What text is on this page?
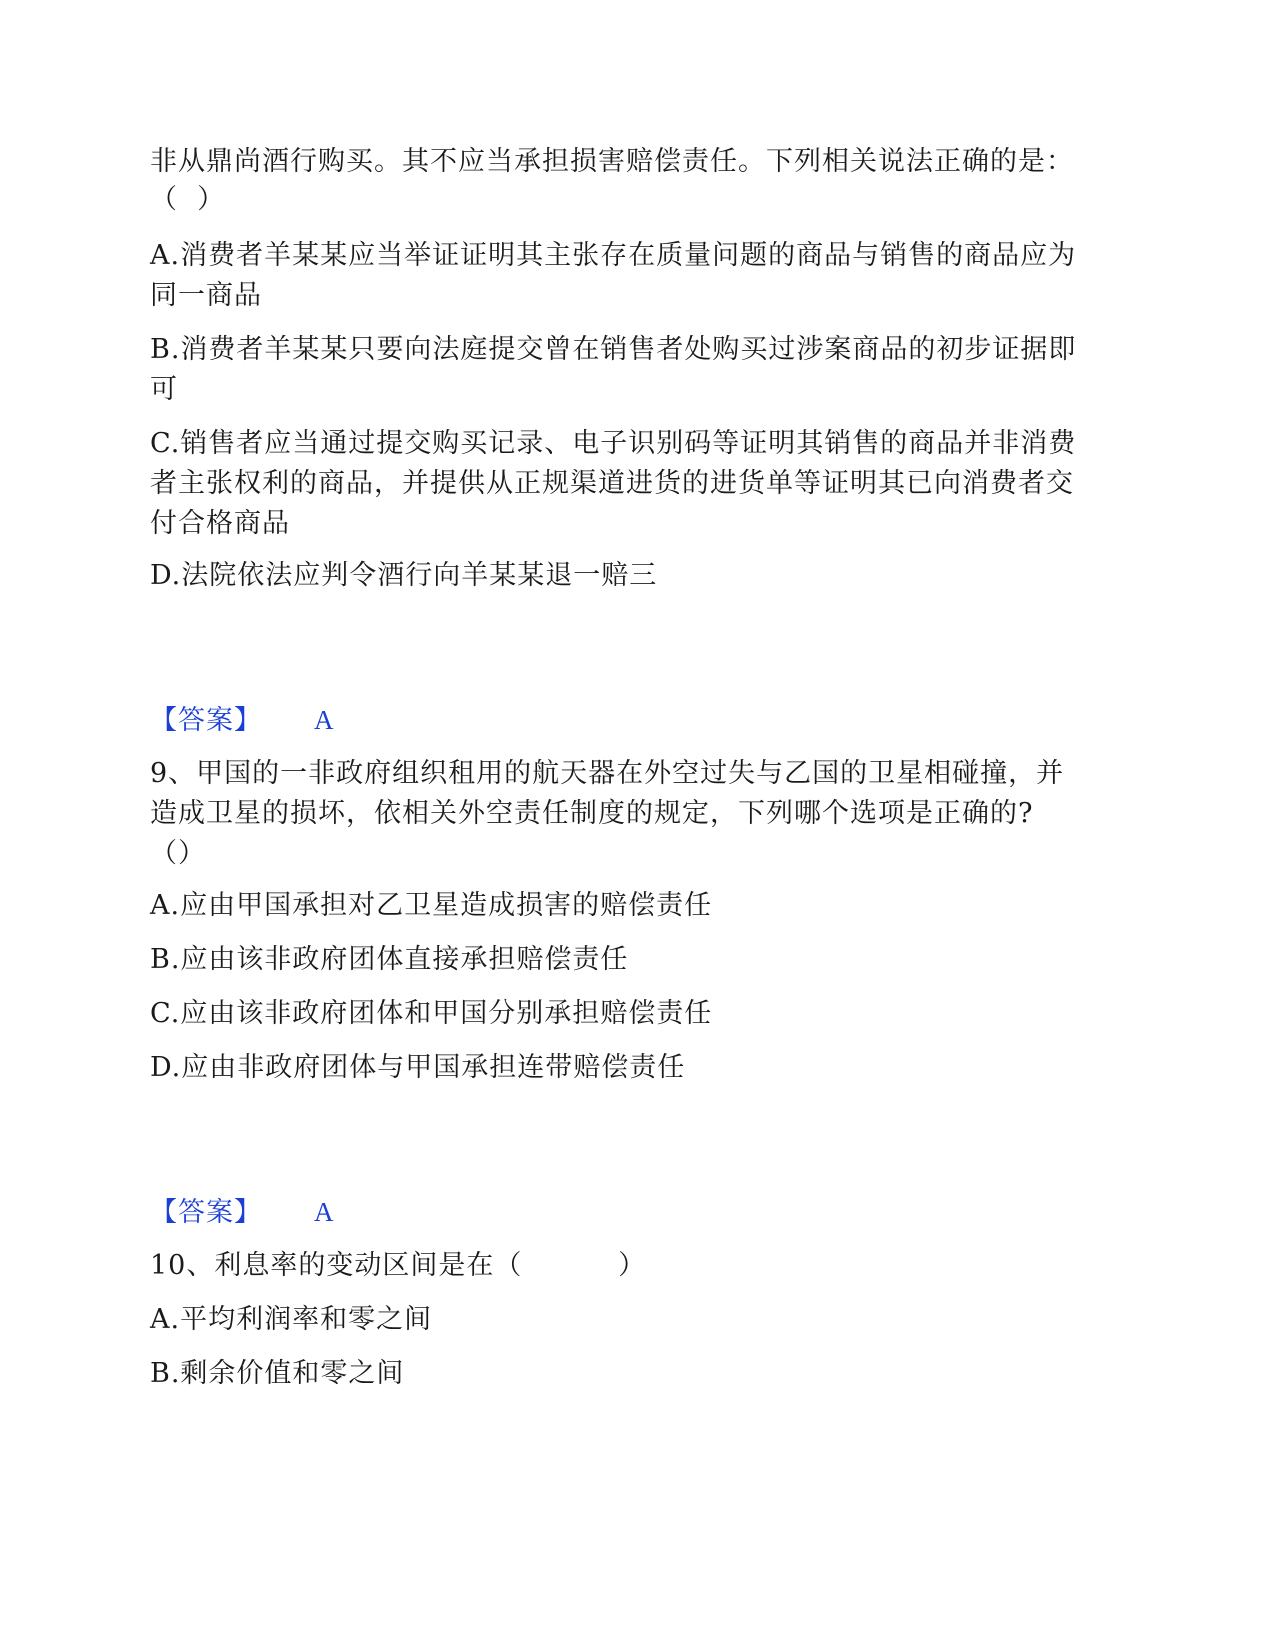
非从鼎尚酒行购买。其不应当承担损害赔偿责任。下列相关说法正确的是：

（  ）

A.消费者羊某某应当举证证明其主张存在质量问题的商品与销售的商品应为同一商品

B.消费者羊某某只要向法庭提交曾在销售者处购买过涉案商品的初步证据即可

C.销售者应当通过提交购买记录、电子识别码等证明其销售的商品并非消费者主张权利的商品，并提供从正规渠道进货的进货单等证明其已向消费者交付合格商品

D.法院依法应判令酒行向羊某某退一赔三

【答案】 A

9、甲国的一非政府组织租用的航天器在外空过失与乙国的卫星相碰撞，并造成卫星的损坏，依相关外空责任制度的规定，下列哪个选项是正确的?（）

A.应由甲国承担对乙卫星造成损害的赔偿责任

B.应由该非政府团体直接承担赔偿责任

C.应由该非政府团体和甲国分别承担赔偿责任

D.应由非政府团体与甲国承担连带赔偿责任

【答案】 A

10、利息率的变动区间是在（          ）

A.平均利润率和零之间

B.剩余价值和零之间
